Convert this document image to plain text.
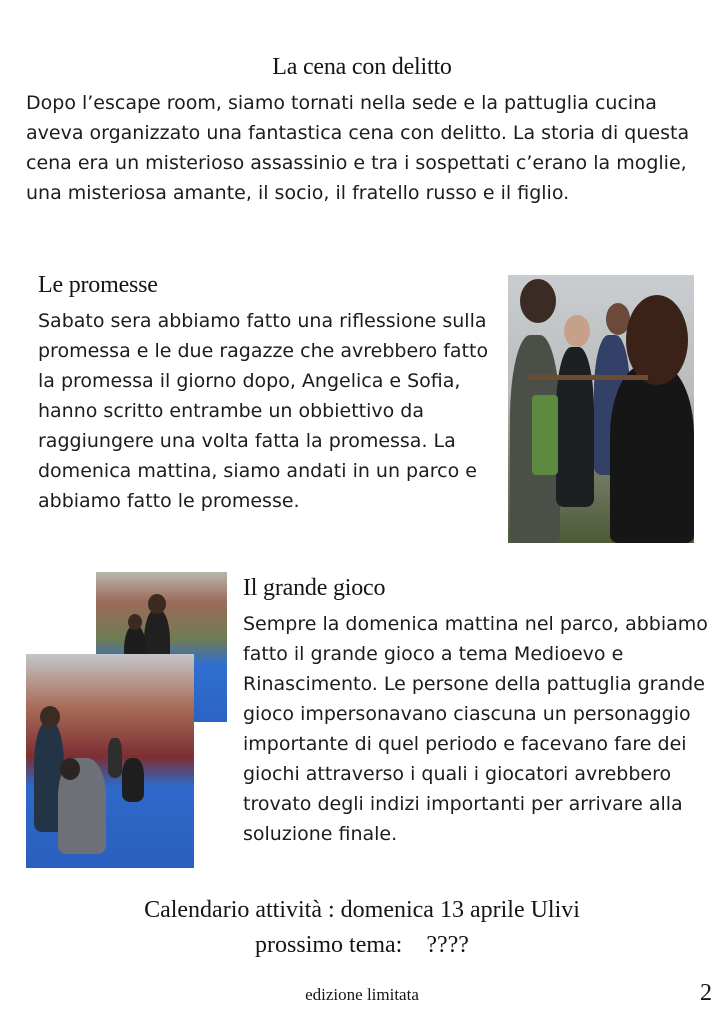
La cena con delitto

Dopo l’escape room, siamo tornati nella sede e la pattuglia cucina aveva organizzato una fantastica cena con delitto. La storia di questa cena era un misterioso assassinio e tra i sospettati c’erano la moglie, una misteriosa amante, il socio, il fratello russo e il figlio.

Le promesse

Sabato sera abbiamo fatto una riflessione sulla promessa e le due ragazze che avrebbero fatto la promessa il giorno dopo, Angelica e Sofia, hanno scritto entrambe un obbiettivo da raggiungere una volta fatta la promessa. La domenica mattina, siamo andati in un parco e abbiamo fatto le promesse.

Il grande gioco

Sempre la domenica mattina nel parco, abbiamo fatto il grande gioco a tema Medioevo e Rinascimento. Le persone della pattuglia grande gioco impersonavano ciascuna un personaggio importante di quel periodo e facevano fare dei giochi attraverso i quali i giocatori avrebbero trovato degli indizi importanti per arrivare alla soluzione finale.

Calendario attività : domenica 13 aprile Ulivi
prossimo tema:    ????
edizione limitata	2
